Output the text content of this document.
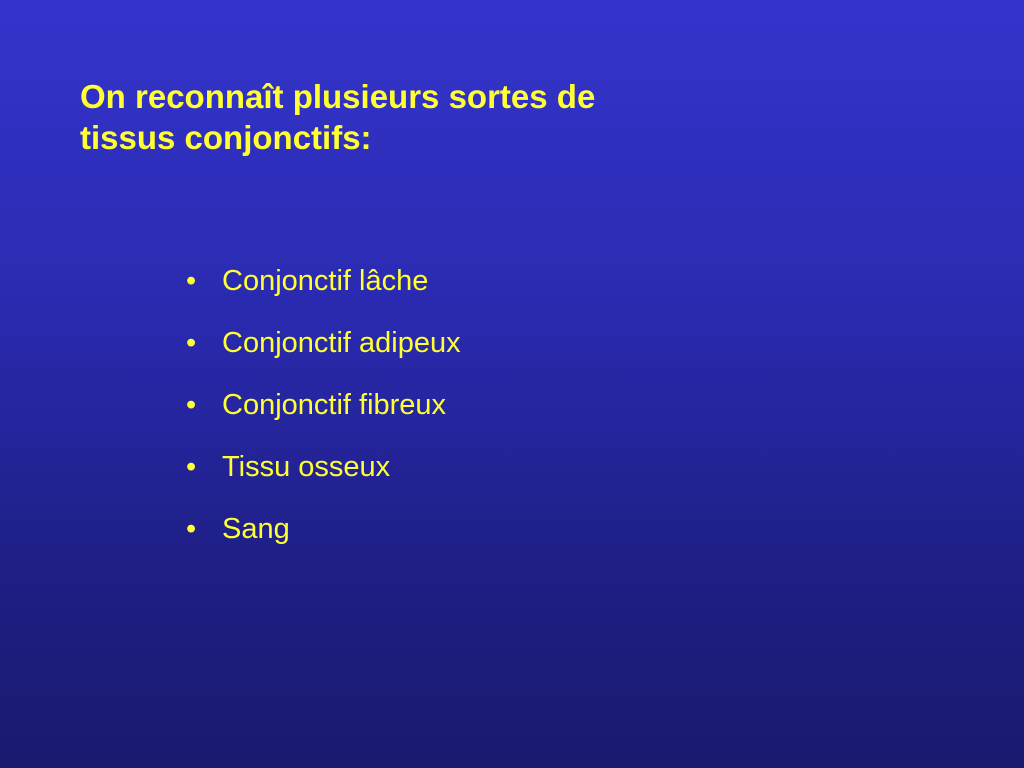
On reconnaît plusieurs sortes de
tissus conjonctifs:
• Conjonctif lâche
• Conjonctif adipeux
• Conjonctif fibreux
• Tissu osseux
• Sang
